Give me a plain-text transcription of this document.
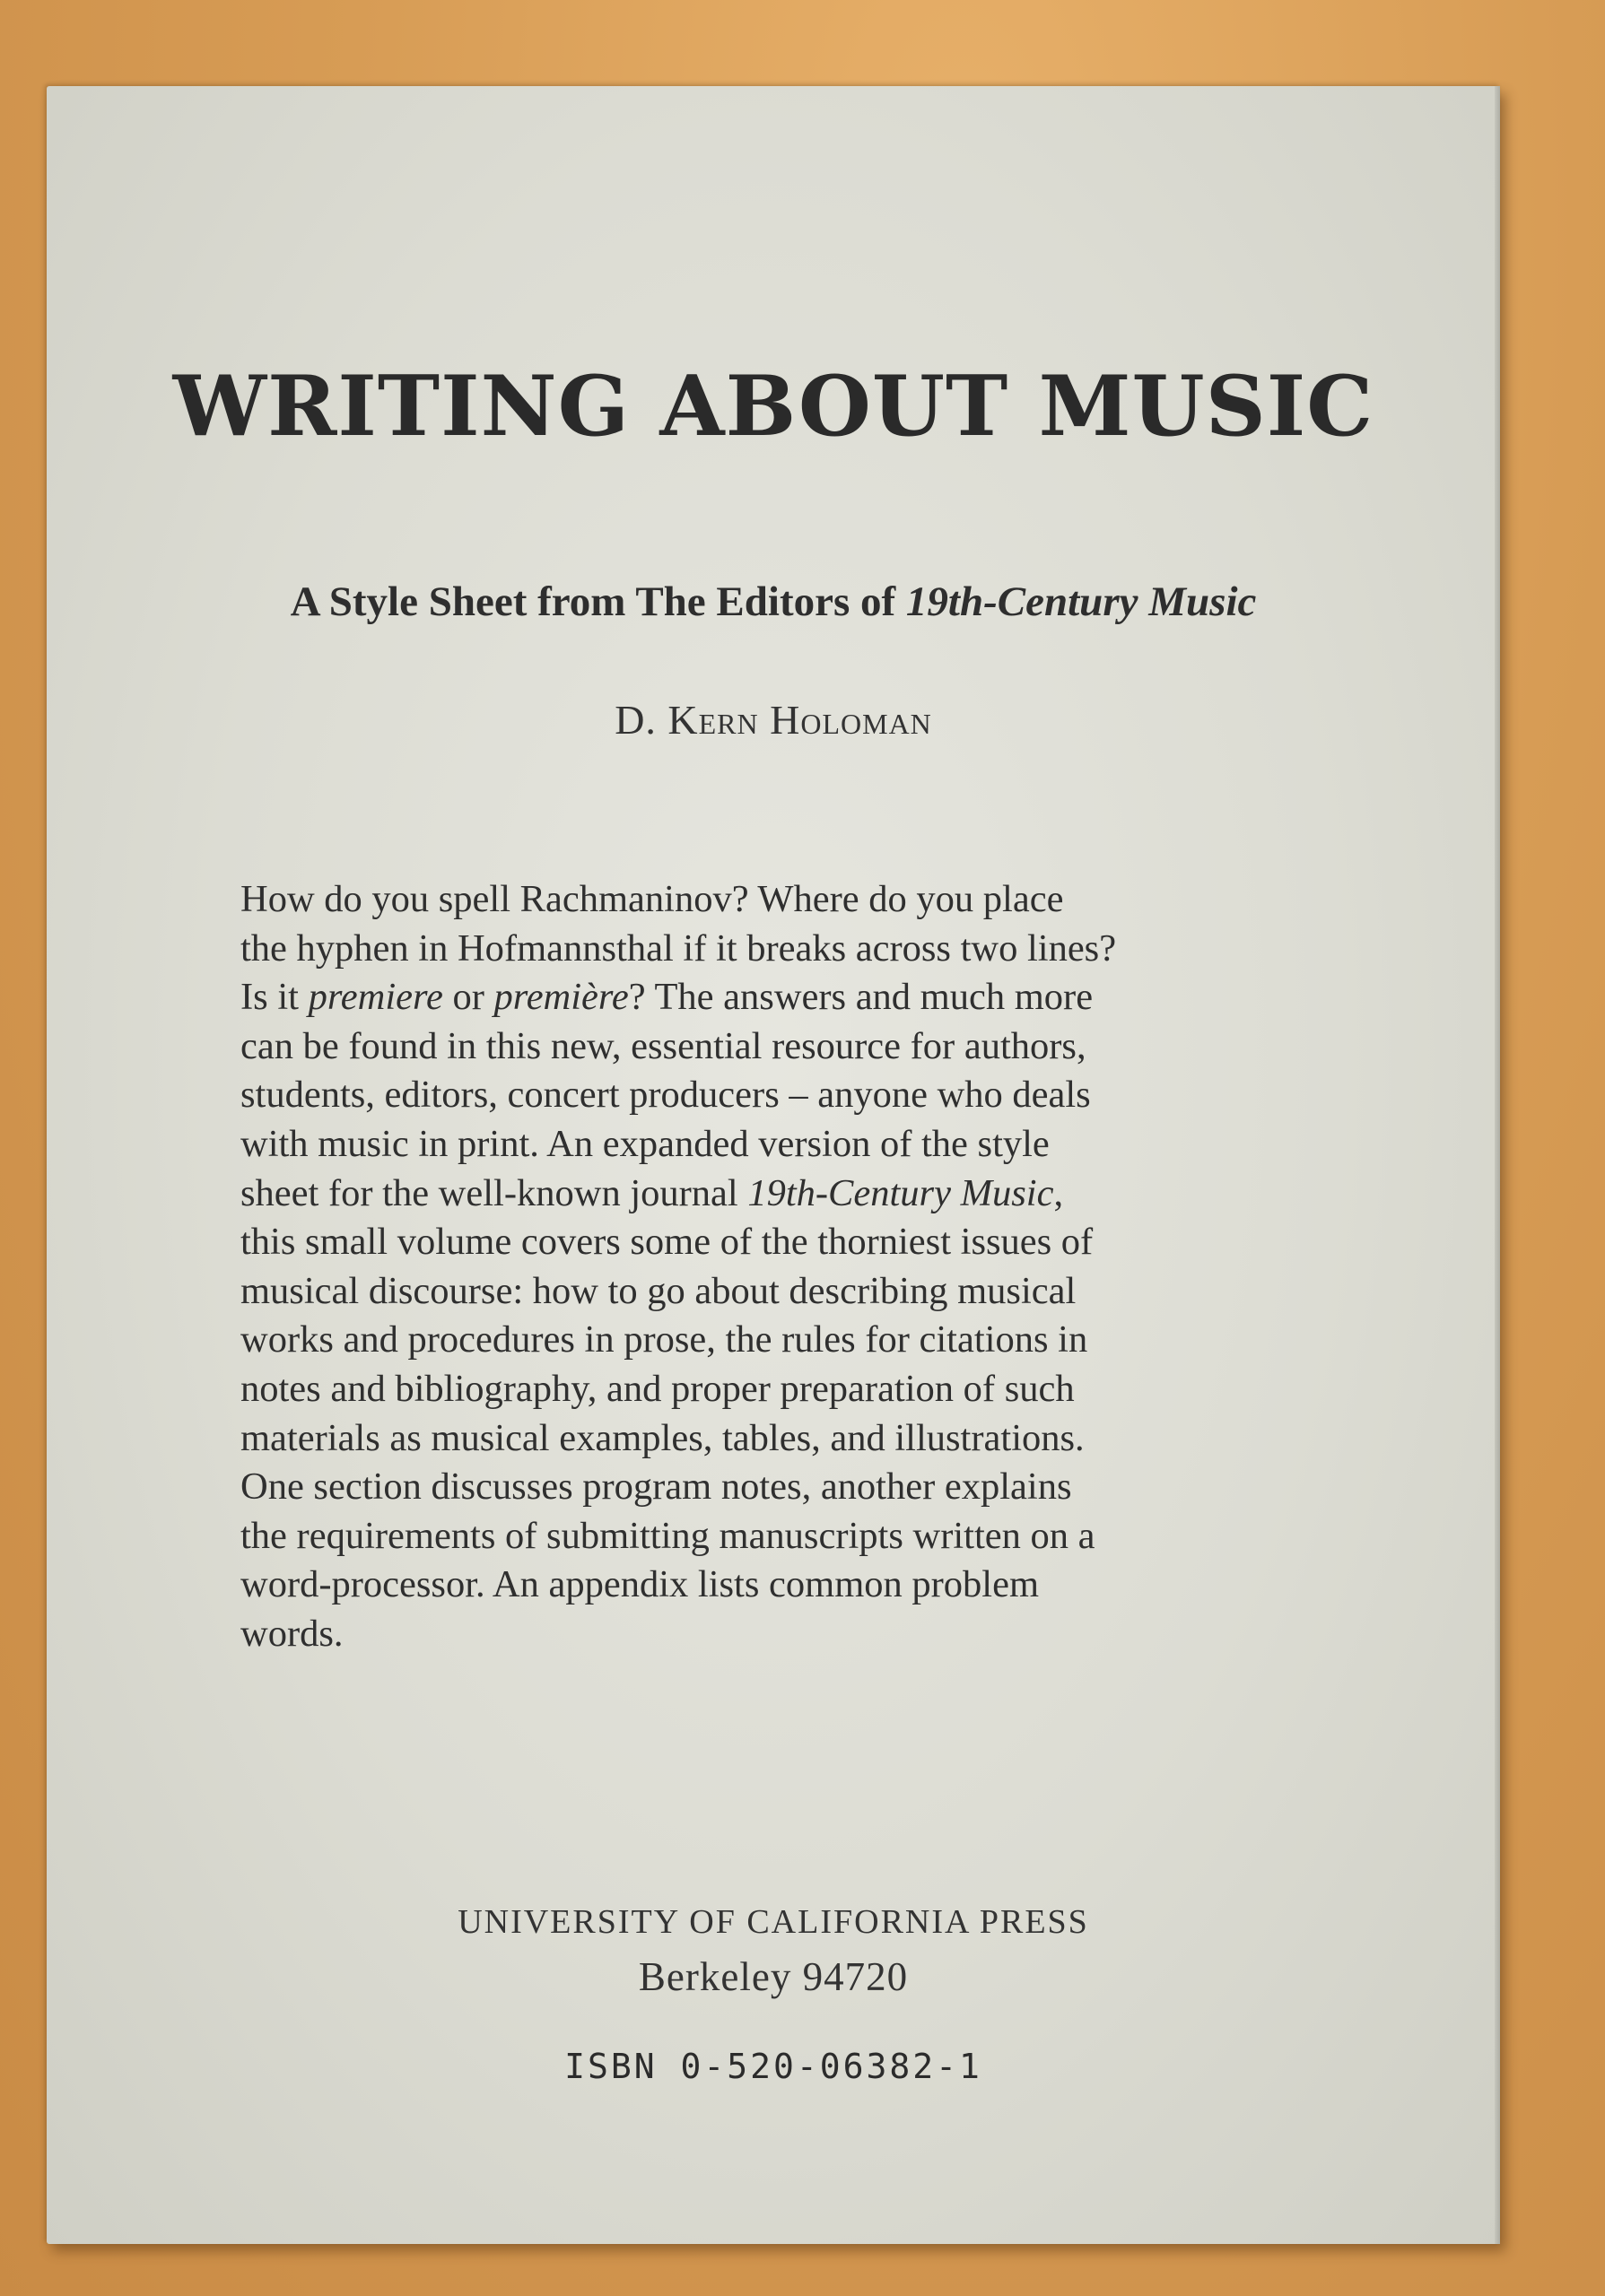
WRITING ABOUT MUSIC
A Style Sheet from The Editors of 19th-Century Music
D. Kern Holoman
How do you spell Rachmaninov? Where do you place
the hyphen in Hofmannsthal if it breaks across two lines?
Is it premiere or première? The answers and much more
can be found in this new, essential resource for authors,
students, editors, concert producers – anyone who deals
with music in print. An expanded version of the style
sheet for the well-known journal 19th-Century Music,
this small volume covers some of the thorniest issues of
musical discourse: how to go about describing musical
works and procedures in prose, the rules for citations in
notes and bibliography, and proper preparation of such
materials as musical examples, tables, and illustrations.
One section discusses program notes, another explains
the requirements of submitting manuscripts written on a
word-processor. An appendix lists common problem
words.
UNIVERSITY OF CALIFORNIA PRESS
Berkeley 94720
ISBN 0-520-06382-1
